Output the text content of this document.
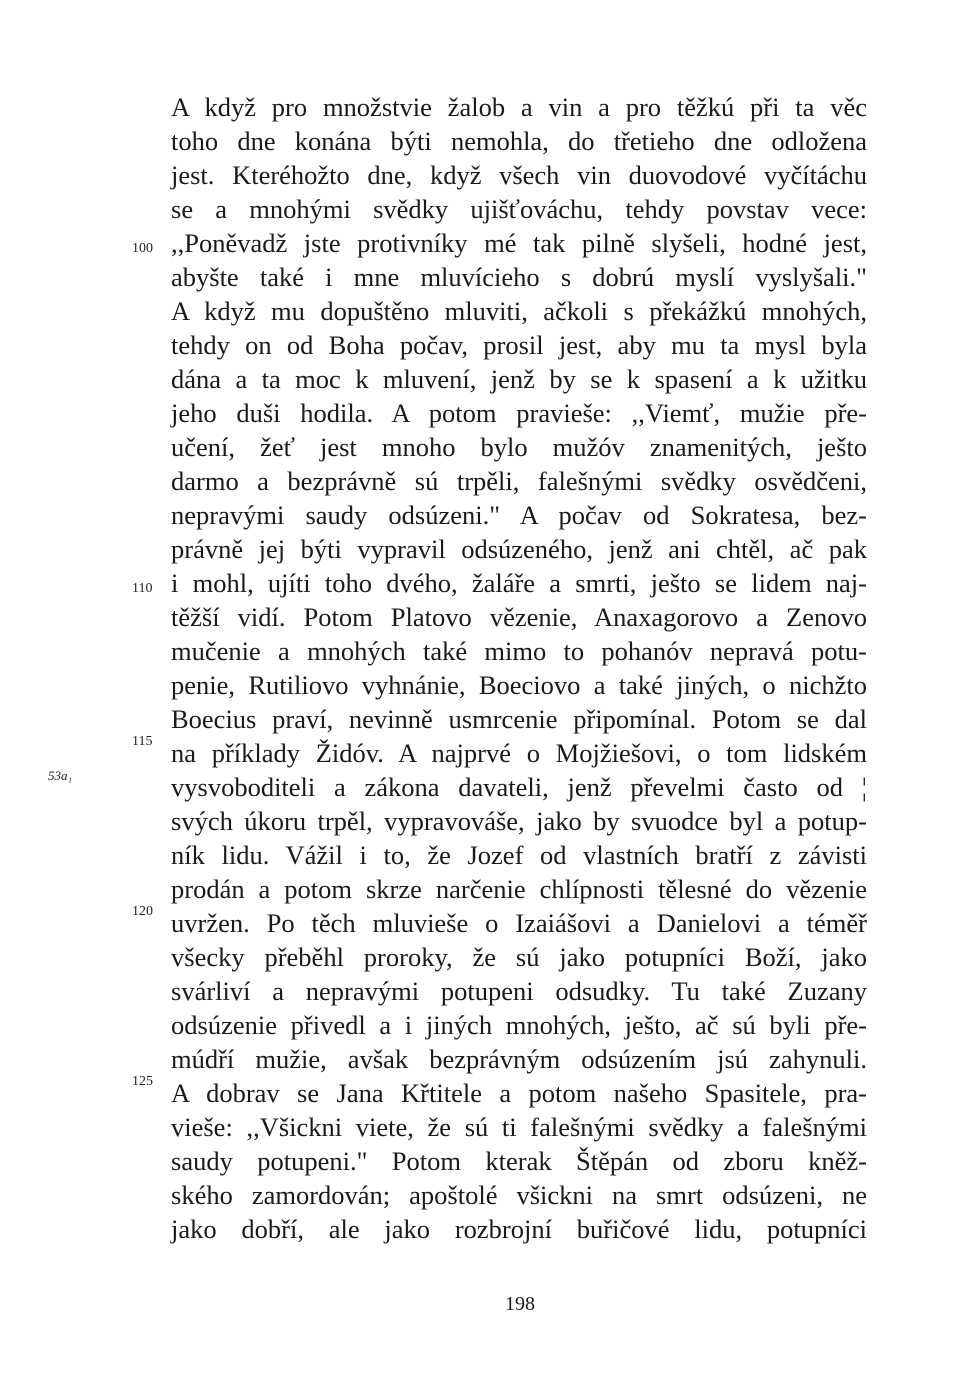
A když pro množstvie žalob a vin a pro těžkú při ta věc
toho dne konána býti nemohla, do třetieho dne odložena
jest. Kteréhožto dne, když všech vin duovodové vyčítáchu
se a mnohými svědky ujišťováchu, tehdy povstav vece:
,,Poněvadž jste protivníky mé tak pilně slyšeli, hodné jest,
abyšte také i mne mluvícieho s dobrú myslí vyslyšali."
A když mu dopuštěno mluviti, ačkoli s překážkú mnohých,
tehdy on od Boha počav, prosil jest, aby mu ta mysl byla
dána a ta moc k mluvení, jenž by se k spasení a k užitku
jeho duši hodila. A potom praviešе: ,,Viemť, mužie pře-
učení, žeť jest mnoho bylo mužóv znamenitých, ješto
darmo a bezprávně sú trpěli, falešnými svědky osvědčeni,
nepravými saudy odsúzeni." A počav od Sokratesa, bez-
právně jej býti vypravil odsúzeného, jenž ani chtěl, ač pak
i mohl, ujíti toho dvého, žaláře a smrti, ješto se lidem naj-
těžší vidí. Potom Platovo vězenie, Anaxagorovo a Zenovo
mučenie a mnohých také mimo to pohanóv nepravá potu-
penie, Rutiliovo vyhnánie, Boeciovo a také jiných, o nichžto
Boecius praví, nevinně usmrcenie připomínal. Potom se dal
na příklady Židóv. A najprvé o Mojžiešovi, o tom lidském
vysvoboditeli a zákona davateli, jenž převelmi často od ¦
svých úkoru trpěl, vypravováše, jako by svuodce byl a potup-
ník lidu. Vážil i to, že Jozef od vlastních bratří z závisti
prodán a potom skrze narčenie chlípnosti tělesné do vězenie
uvržen. Po těch mluviešе o Izaiášovi a Danielovi a téměř
všecky přeběhl proroky, že sú jako potupníci Boží, jako
svárliví a nepravými potupeni odsudky. Tu také Zuzany
odsúzenie přivedl a i jiných mnohých, ješto, ač sú byli pře-
múdří mužie, avšak bezprávným odsúzením jsú zahynuli.
A dobrav se Jana Křtitele a potom našeho Spasitele, pra-
vieše: ,,Všickni viete, že sú ti falešnými svědky a falešnými
saudy potupeni." Potom kterak Štěpán od zboru kněž-
ského zamordován; apoštolé všickni na smrt odsúzeni, ne
jako dobří, ale jako rozbrojní buřičové lidu, potupníci
100
110
115
120
125
53a₁
198
